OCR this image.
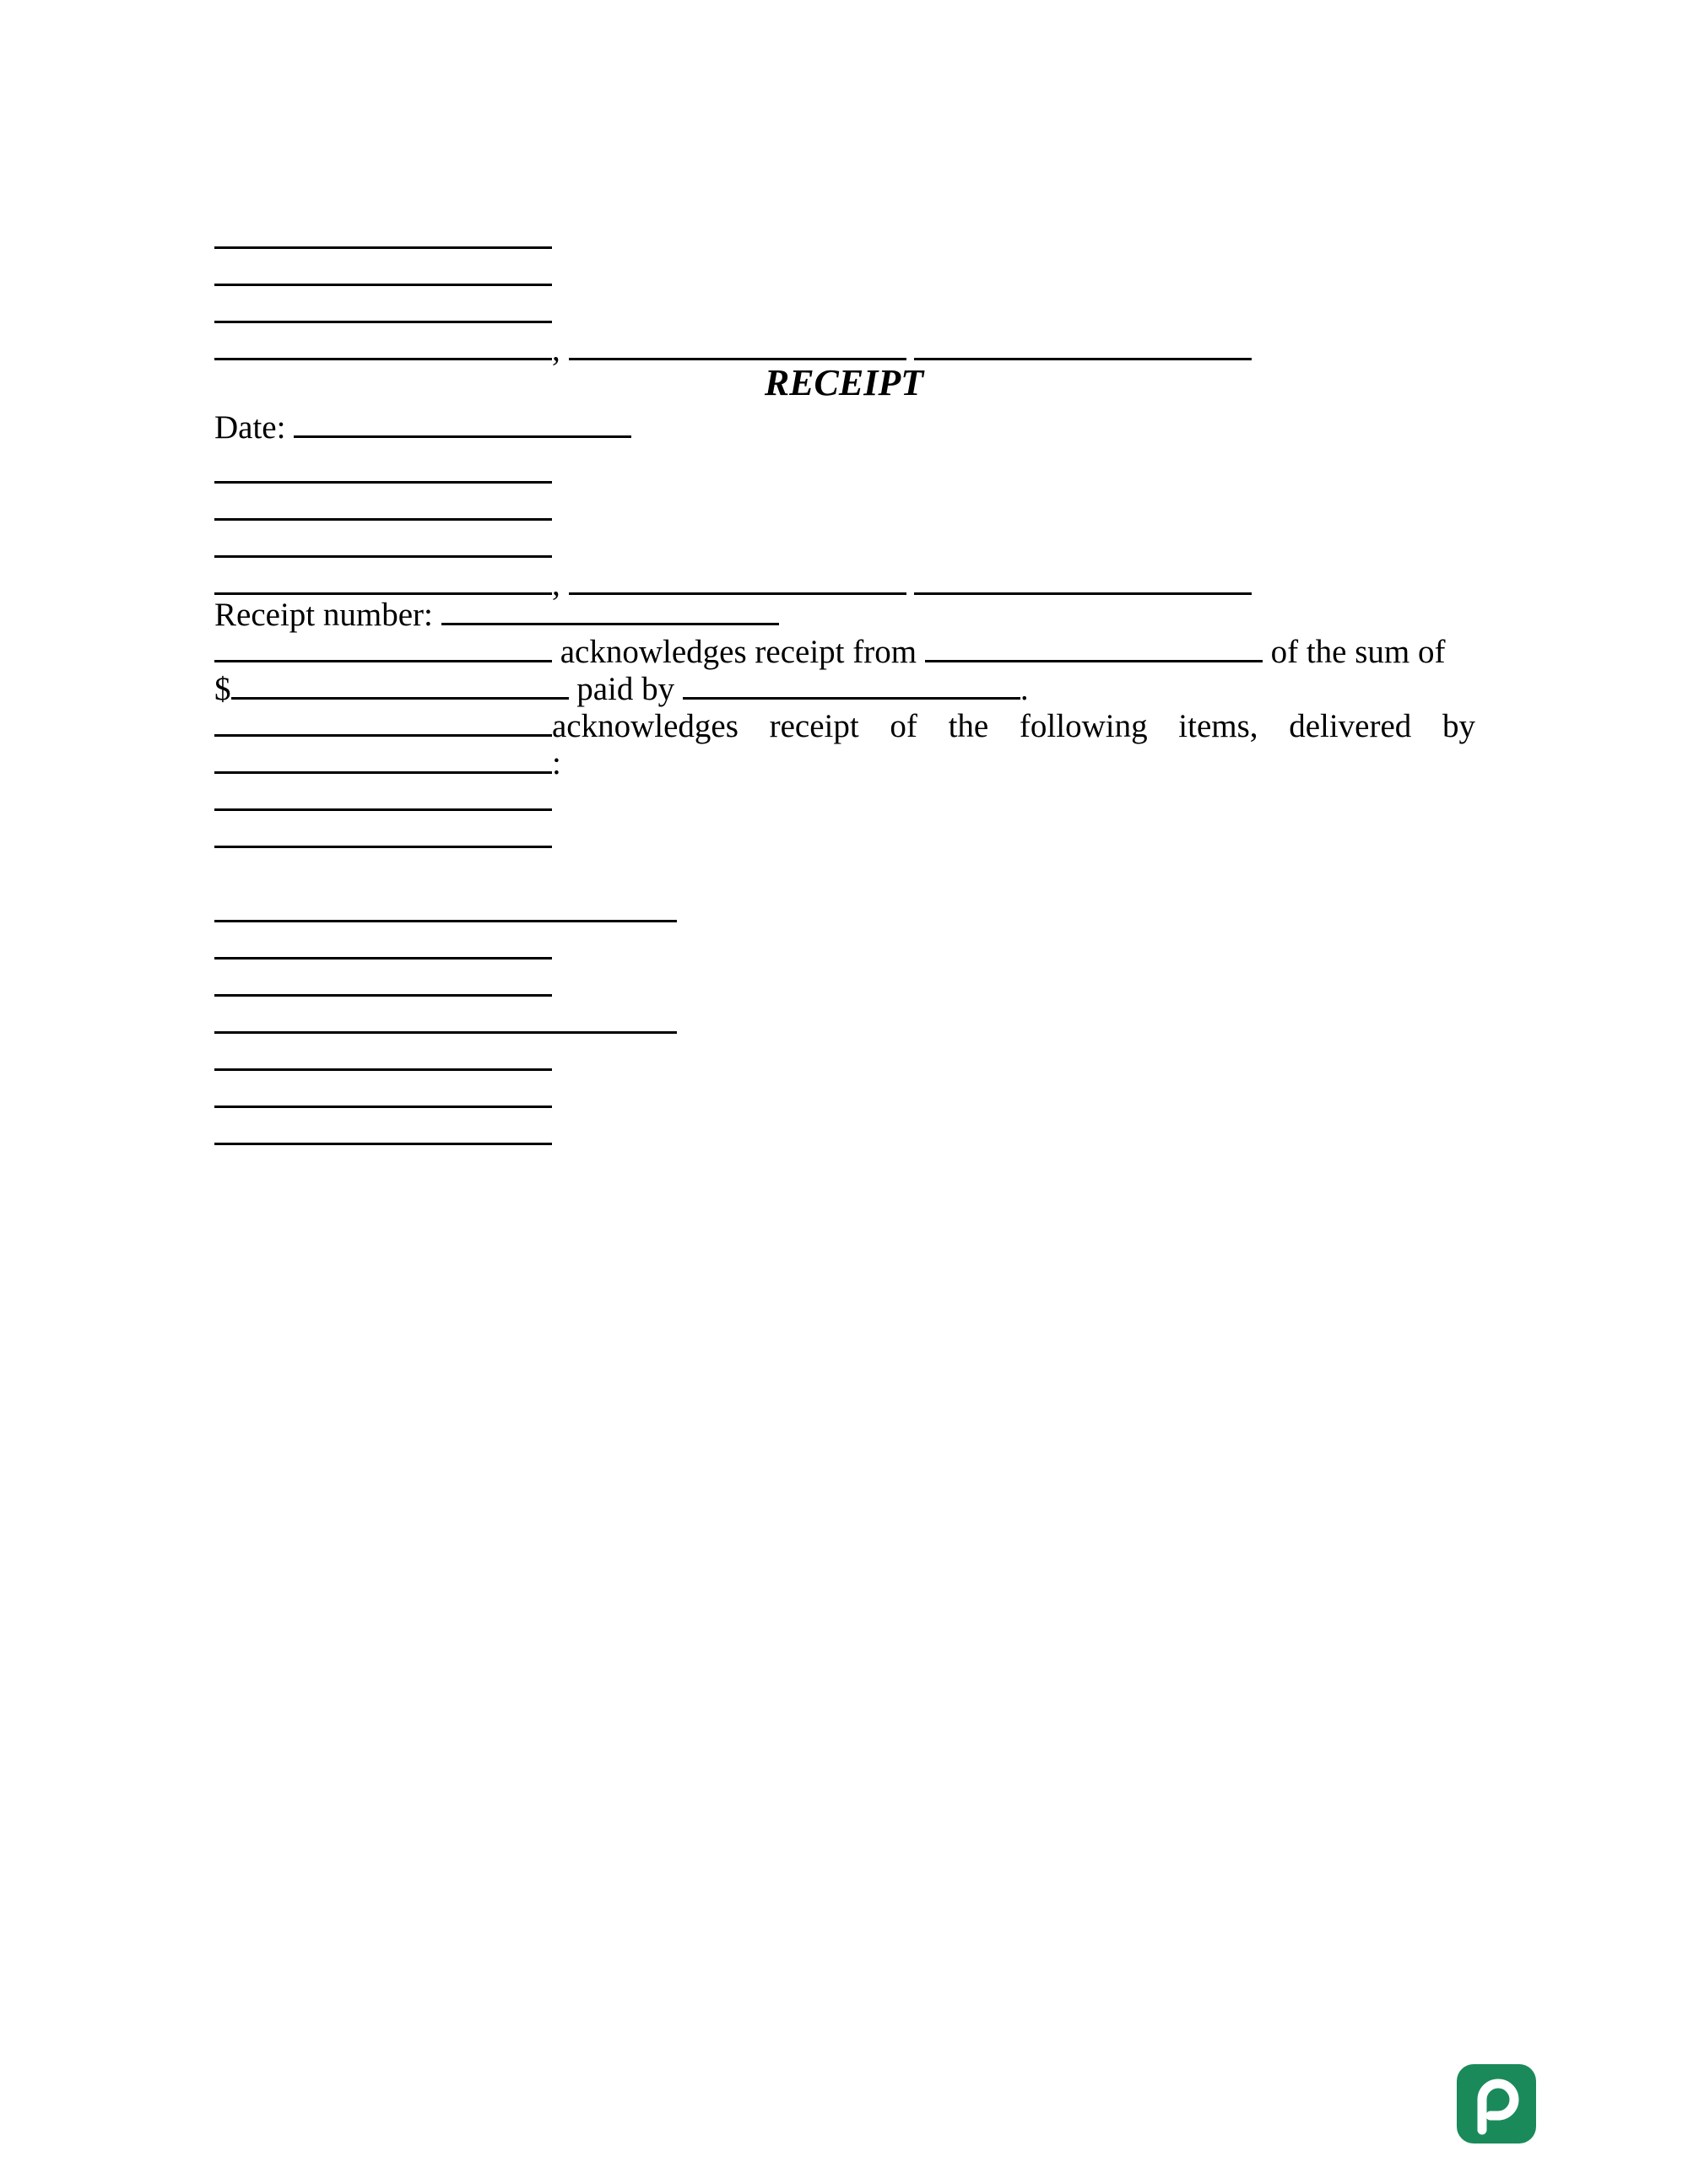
,
RECEIPT
Date:
,
Receipt number:
acknowledges receipt from	of the sum of
$	paid by	.
acknowledges receipt of the following items, delivered by
:
